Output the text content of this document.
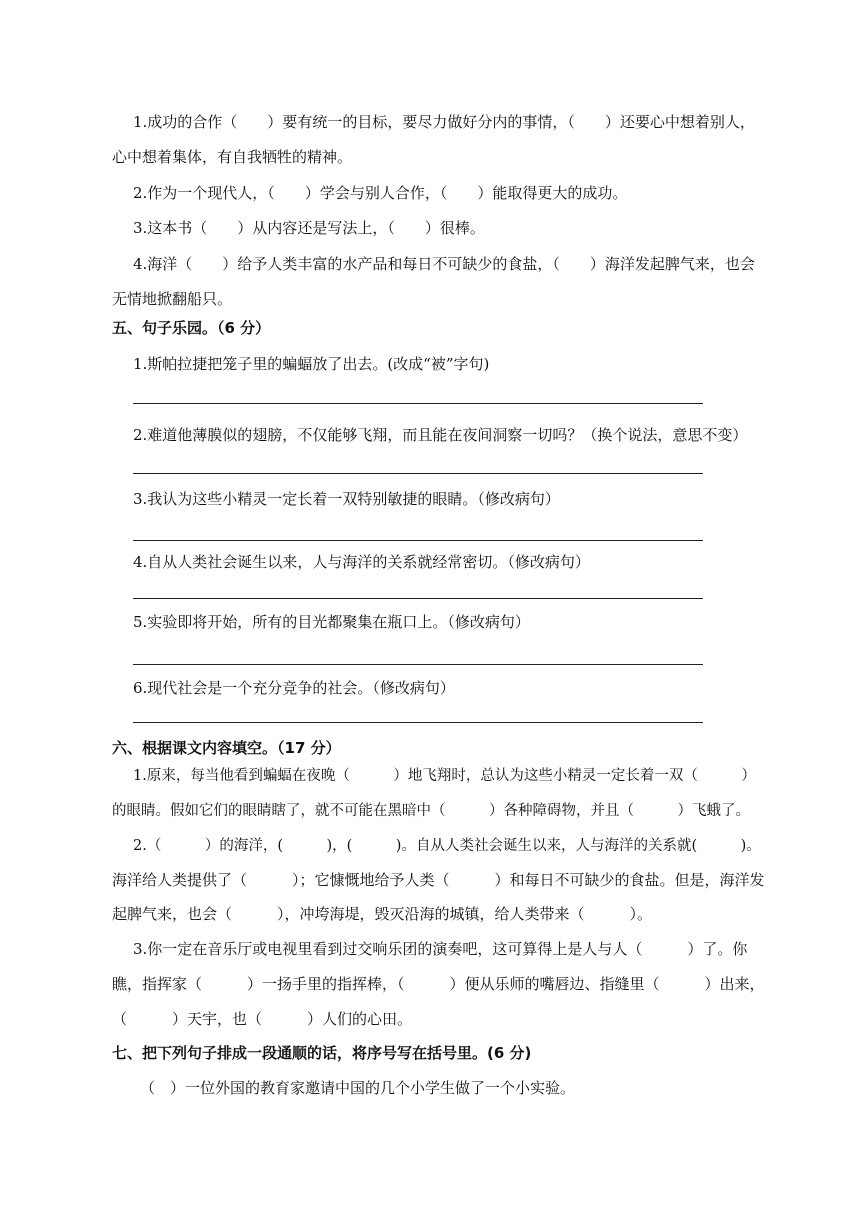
1.成功的合作（　　）要有统一的目标，要尽力做好分内的事情，（　　）还要心中想着别人，
心中想着集体，有自我牺牲的精神。
2.作为一个现代人，（　　）学会与别人合作，（　　）能取得更大的成功。
3.这本书（　　）从内容还是写法上，（　　）很棒。
4.海洋（　　）给予人类丰富的水产品和每日不可缺少的食盐，（　　）海洋发起脾气来，也会
无情地掀翻船只。
五、句子乐园。（6 分）
1.斯帕拉捷把笼子里的蝙蝠放了出去。(改成“被”字句)
2.难道他薄膜似的翅膀，不仅能够飞翔，而且能在夜间洞察一切吗？（换个说法，意思不变）
3.我认为这些小精灵一定长着一双特别敏捷的眼睛。（修改病句）
4.自从人类社会诞生以来，人与海洋的关系就经常密切。（修改病句）
5.实验即将开始，所有的目光都聚集在瓶口上。（修改病句）
6.现代社会是一个充分竞争的社会。（修改病句）
六、根据课文内容填空。（17 分）
1.原来，每当他看到蝙蝠在夜晚（　　　）地飞翔时，总认为这些小精灵一定长着一双（　　　）
的眼睛。假如它们的眼睛瞎了，就不可能在黑暗中（　　　）各种障碍物，并且（　　　）飞蛾了。
2.（　　　）的海洋，(　　　)，(　　　)。自从人类社会诞生以来，人与海洋的关系就(　　　)。
海洋给人类提供了（　　　）；它慷慨地给予人类（　　　）和每日不可缺少的食盐。但是，海洋发
起脾气来，也会（　　　），冲垮海堤，毁灭沿海的城镇，给人类带来（　　　）。
3.你一定在音乐厅或电视里看到过交响乐团的演奏吧，这可算得上是人与人（　　　）了。你
瞧，指挥家（　　　）一扬手里的指挥棒，（　　　）便从乐师的嘴唇边、指缝里（　　　）出来，
（　　　）天宇，也（　　　）人们的心田。
七、把下列句子排成一段通顺的话，将序号写在括号里。(6 分)
（　）一位外国的教育家邀请中国的几个小学生做了一个小实验。
